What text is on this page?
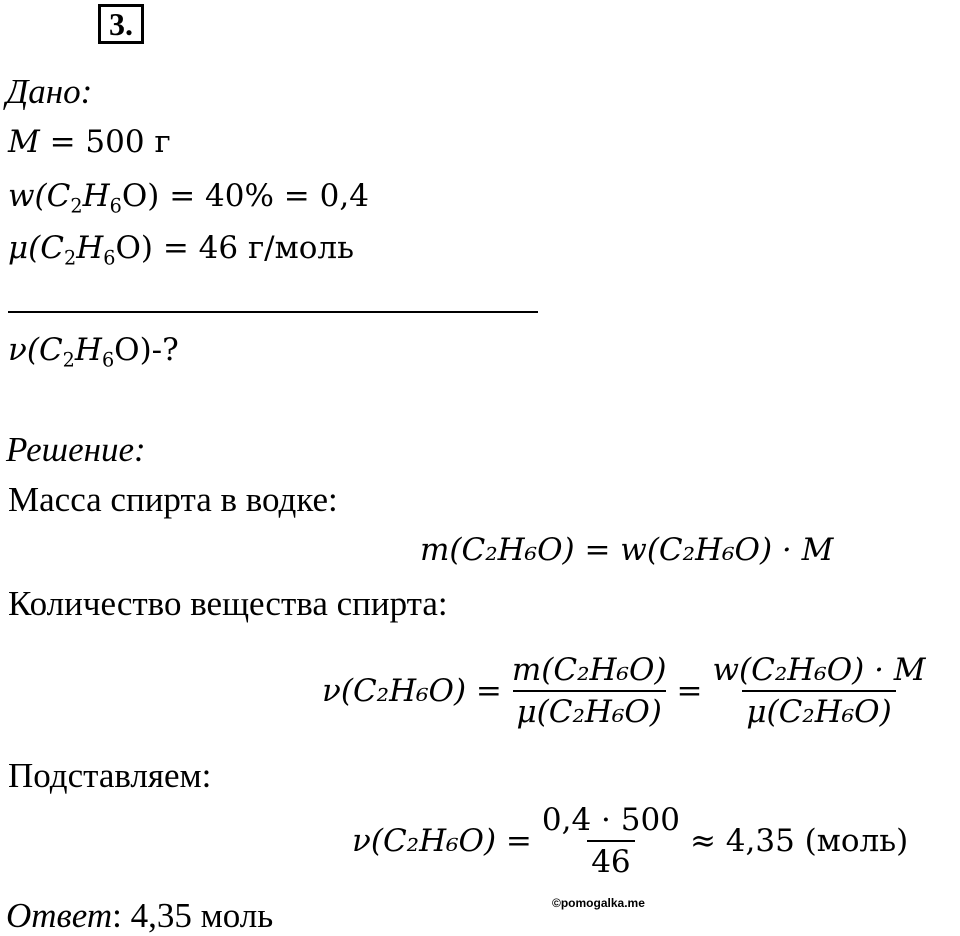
3.
Дано:
M = 500 г
$w(C_2H_6O) = 40\% = 0,4$
$\mu(C_2H_6O) = 46$ г/моль
$\nu(C_2H_6O)-$?
Решение:
Масса спирта в водке:
m(C₂H₆O) = w(C₂H₆O) · M
Количество вещества спирта:
$\nu(C_2H_6O) = \frac{\text{m(C₂H₆O)}}{\text{μ(C₂H₆O)}} = \frac{\text{w(C₂H₆O) · M}}{\text{μ(C₂H₆O)}}$
Подставляем:
$\nu(C_2H_6O) = \frac{0,4 \cdot 500}{46} \approx 4,35$ (моль)
Ответ: 4,35 моль	©pomogalka.me
